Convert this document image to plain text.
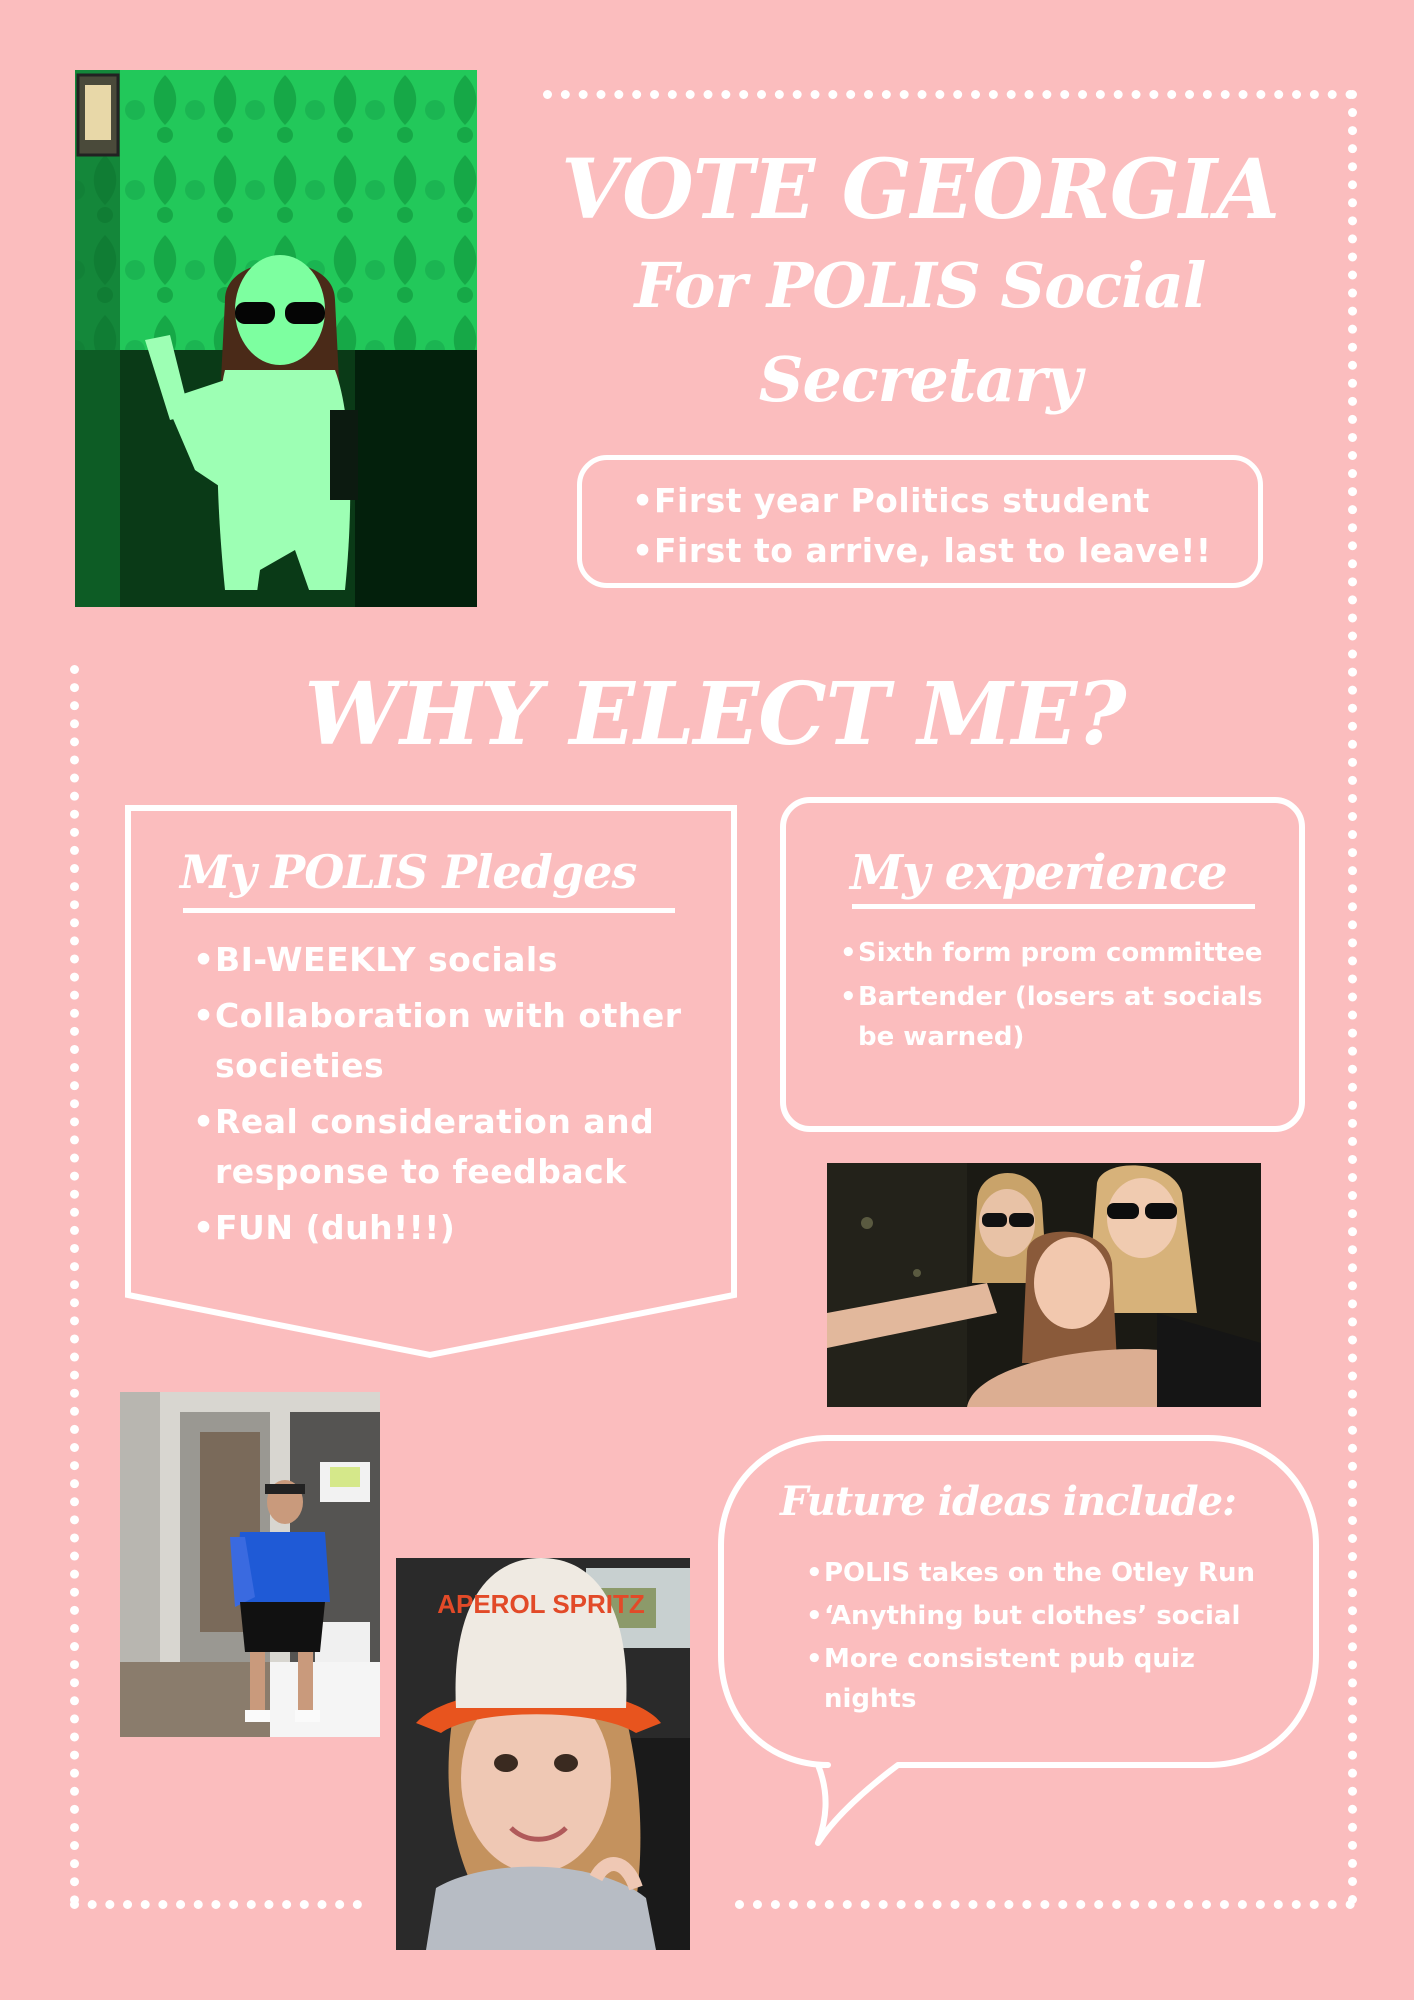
VOTE GEORGIA
For POLIS Social
Secretary
• First year Politics student
• First to arrive, last to leave!!
WHY ELECT ME?
My POLIS Pledges
• BI-WEEKLY socials
• Collaboration with other societies
• Real consideration and response to feedback
• FUN (duh!!!)
My experience
• Sixth form prom committee
• Bartender (losers at socials be warned)
Future ideas include:
• POLIS takes on the Otley Run
• ‘Anything but clothes’ social
• More consistent pub quiz nights
APEROL SPRITZ
